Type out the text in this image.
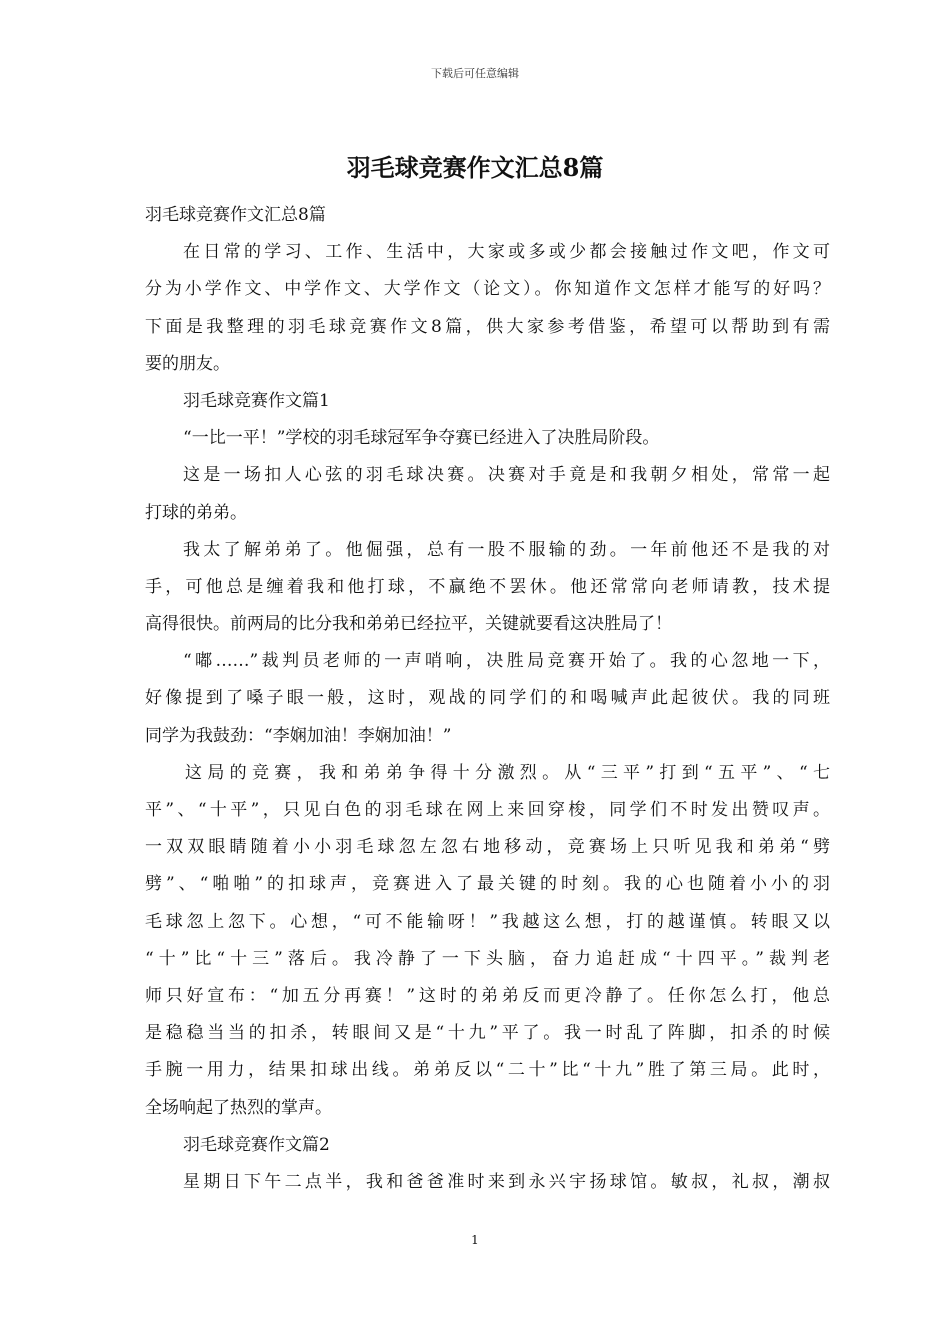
下载后可任意编辑
羽毛球竞赛作文汇总8篇
羽毛球竞赛作文汇总8篇
在日常的学习、工作、生活中，大家或多或少都会接触过作文吧，作文可
分为小学作文、中学作文、大学作文（论文）。你知道作文怎样才能写的好吗？
下面是我整理的羽毛球竞赛作文8篇，供大家参考借鉴，希望可以帮助到有需
要的朋友。
羽毛球竞赛作文篇1
“一比一平！”学校的羽毛球冠军争夺赛已经进入了决胜局阶段。
这是一场扣人心弦的羽毛球决赛。决赛对手竟是和我朝夕相处，常常一起
打球的弟弟。
我太了解弟弟了。他倔强，总有一股不服输的劲。一年前他还不是我的对
手，可他总是缠着我和他打球，不赢绝不罢休。他还常常向老师请教，技术提
高得很快。前两局的比分我和弟弟已经拉平，关键就要看这决胜局了！
“嘟……”裁判员老师的一声哨响，决胜局竞赛开始了。我的心忽地一下，
好像提到了嗓子眼一般，这时，观战的同学们的和喝喊声此起彼伏。我的同班
同学为我鼓劲：“李娴加油！李娴加油！”
这局的竞赛，我和弟弟争得十分激烈。从“三平”打到“五平”、“七
平”、“十平”，只见白色的羽毛球在网上来回穿梭，同学们不时发出赞叹声。
一双双眼睛随着小小羽毛球忽左忽右地移动，竞赛场上只听见我和弟弟“劈
劈”、“啪啪”的扣球声，竞赛进入了最关键的时刻。我的心也随着小小的羽
毛球忽上忽下。心想，“可不能输呀！”我越这么想，打的越谨慎。转眼又以
“十”比“十三”落后。我冷静了一下头脑，奋力追赶成“十四平。”裁判老
师只好宣布：“加五分再赛！”这时的弟弟反而更冷静了。任你怎么打，他总
是稳稳当当的扣杀，转眼间又是“十九”平了。我一时乱了阵脚，扣杀的时候
手腕一用力，结果扣球出线。弟弟反以“二十”比“十九”胜了第三局。此时，
全场响起了热烈的掌声。
羽毛球竞赛作文篇2
星期日下午二点半，我和爸爸准时来到永兴宇扬球馆。敏叔，礼叔，潮叔
1
